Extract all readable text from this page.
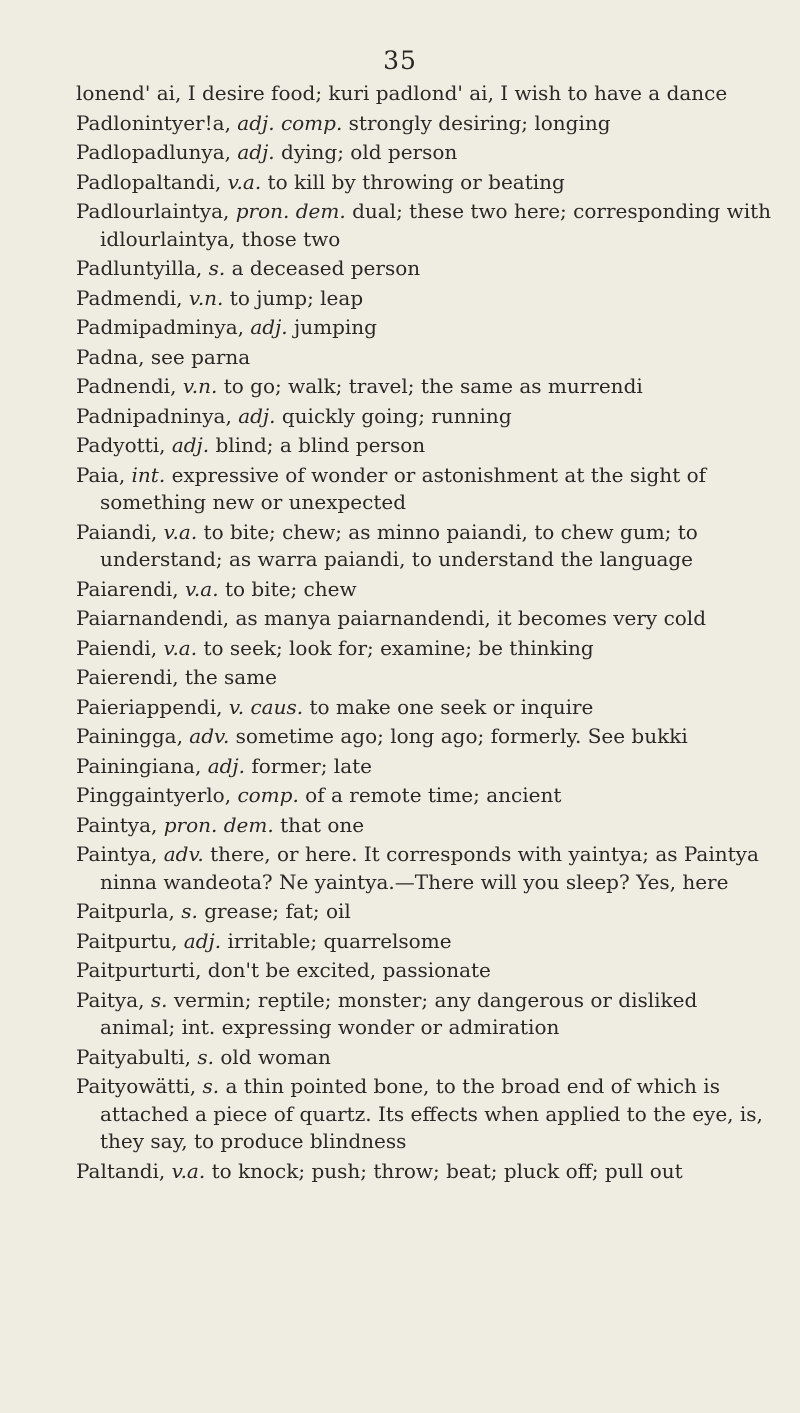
35

lonend' ai, I desire food; kuri padlond' ai, I wish to have a dance

Padlonintyer!a, adj. comp. strongly desiring; longing

Padlopadlunya, adj. dying; old person

Padlopaltandi, v.a. to kill by throwing or beating

Padlourlaintya, pron. dem. dual; these two here; corresponding with idlourlaintya, those two

Padluntyilla, s. a deceased person

Padmendi, v.n. to jump; leap

Padmipadminya, adj. jumping

Padna, see parna

Padnendi, v.n. to go; walk; travel; the same as murrendi

Padnipadninya, adj. quickly going; running

Padyotti, adj. blind; a blind person

Paia, int. expressive of wonder or astonishment at the sight of something new or unexpected

Paiandi, v.a. to bite; chew; as minno paiandi, to chew gum; to understand; as warra paiandi, to understand the language

Paiarendi, v.a. to bite; chew

Paiarnandendi, as manya paiarnandendi, it becomes very cold

Paiendi, v.a. to seek; look for; examine; be thinking

Paierendi, the same

Paieriappendi, v. caus. to make one seek or inquire

Painingga, adv. sometime ago; long ago; formerly. See bukki

Painingiana, adj. former; late

Pinggaintyerlo, comp. of a remote time; ancient

Paintya, pron. dem. that one

Paintya, adv. there, or here. It corresponds with yaintya; as Paintya ninna wandeota? Ne yaintya.—There will you sleep? Yes, here

Paitpurla, s. grease; fat; oil

Paitpurtu, adj. irritable; quarrelsome

Paitpurturti, don't be excited, passionate

Paitya, s. vermin; reptile; monster; any dangerous or disliked animal; int. expressing wonder or admiration

Paityabulti, s. old woman

Paityowätti, s. a thin pointed bone, to the broad end of which is attached a piece of quartz. Its effects when applied to the eye, is, they say, to produce blindness

Paltandi, v.a. to knock; push; throw; beat; pluck off; pull out
